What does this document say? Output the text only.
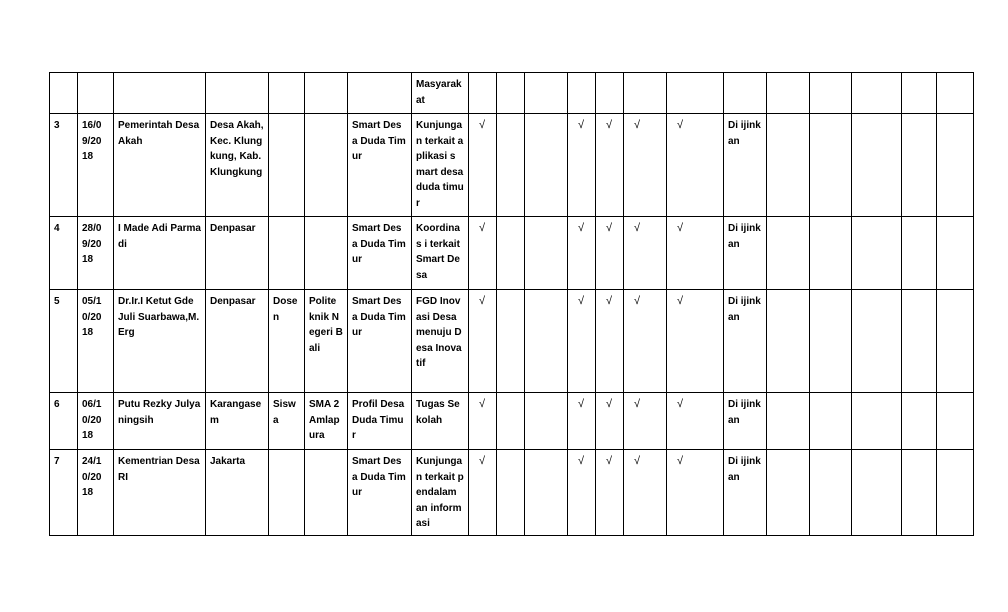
							Masyarak at													
3	16/0 9/20 18	Pemerintah Desa Akah	Desa Akah, Kec. Klungkung, Kab. Klungkung			Smart Desa Duda Timur	Kunjunga n terkait aplikasi smart desa duda timur	√			√	√	√	√	Di ijinkan					
4	28/0 9/20 18	I Made Adi Parmadi	Denpasar			Smart Desa Duda Timur	Koordinas i terkait Smart Desa	√			√	√	√	√	Di ijinkan					
5	05/1 0/20 18	Dr.Ir.I Ketut Gde Juli Suarbawa,M.Erg	Denpasar	Dose n	Polite knik Negeri Bali	Smart Desa Duda Timur	FGD Inovasi Desa menuju Desa Inovatif	√			√	√	√	√	Di ijinkan					
6	06/1 0/20 18	Putu Rezky Julyaningsih	Karangase m	Sisw a	SMA 2 Amlap ura	Profil Desa Duda Timur	Tugas Sekolah	√			√	√	√	√	Di ijinkan					
7	24/1 0/20 18	Kementrian Desa RI	Jakarta			Smart Desa Duda Timur	Kunjunga n terkait pendalam an informasi	√			√	√	√	√	Di ijinkan					
